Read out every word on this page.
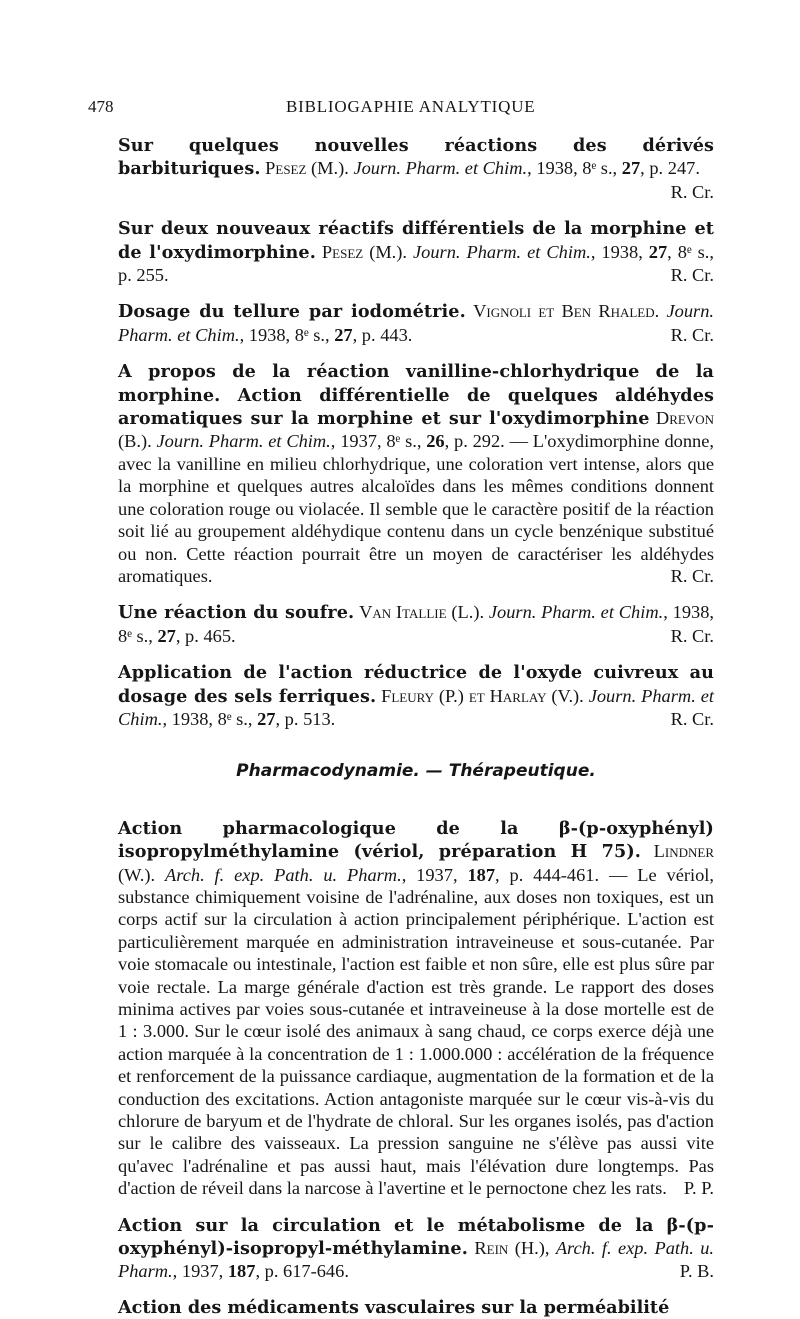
478	BIBLIOGAPHIE ANALYTIQUE

Sur quelques nouvelles réactions des dérivés barbituriques. Pesez (M.). Journ. Pharm. et Chim., 1938, 8ᵉ s., 27, p. 247.
R. Cr.

Sur deux nouveaux réactifs différentiels de la morphine et de l'oxydimorphine. Pesez (M.). Journ. Pharm. et Chim., 1938, 27, 8ᵉ s., p. 255.	R. Cr.

Dosage du tellure par iodométrie. Vignoli et Ben Rhaled. Journ. Pharm. et Chim., 1938, 8ᵉ s., 27, p. 443.	R. Cr.

A propos de la réaction vanilline-chlorhydrique de la morphine. Action différentielle de quelques aldéhydes aromatiques sur la morphine et sur l'oxydimorphine Drevon (B.). Journ. Pharm. et Chim., 1937, 8ᵉ s., 26, p. 292. — L'oxydimorphine donne, avec la vanilline en milieu chlorhydrique, une coloration vert intense, alors que la morphine et quelques autres alcaloïdes dans les mêmes conditions donnent une coloration rouge ou violacée. Il semble que le caractère positif de la réaction soit lié au groupement aldéhydique contenu dans un cycle benzénique substitué ou non. Cette réaction pourrait être un moyen de caractériser les aldéhydes aromatiques.	R. Cr.

Une réaction du soufre. Van Itallie (L.). Journ. Pharm. et Chim., 1938, 8ᵉ s., 27, p. 465.	R. Cr.

Application de l'action réductrice de l'oxyde cuivreux au dosage des sels ferriques. Fleury (P.) et Harlay (V.). Journ. Pharm. et Chim., 1938, 8ᵉ s., 27, p. 513.	R. Cr.

Pharmacodynamie. — Thérapeutique.

Action pharmacologique de la β-(p-oxyphényl) isopropylméthylamine (vériol, préparation H 75). Lindner (W.). Arch. f. exp. Path. u. Pharm., 1937, 187, p. 444-461. — Le vériol, substance chimiquement voisine de l'adrénaline, aux doses non toxiques, est un corps actif sur la circulation à action principalement périphérique. L'action est particulièrement marquée en administration intraveineuse et sous-cutanée. Par voie stomacale ou intestinale, l'action est faible et non sûre, elle est plus sûre par voie rectale. La marge générale d'action est très grande. Le rapport des doses minima actives par voies sous-cutanée et intraveineuse à la dose mortelle est de 1 : 3.000. Sur le cœur isolé des animaux à sang chaud, ce corps exerce déjà une action marquée à la concentration de 1 : 1.000.000 : accélération de la fréquence et renforcement de la puissance cardiaque, augmentation de la formation et de la conduction des excitations. Action antagoniste marquée sur le cœur vis-à-vis du chlorure de baryum et de l'hydrate de chloral. Sur les organes isolés, pas d'action sur le calibre des vaisseaux. La pression sanguine ne s'élève pas aussi vite qu'avec l'adrénaline et pas aussi haut, mais l'élévation dure longtemps. Pas d'action de réveil dans la narcose à l'avertine et le pernoctone chez les rats. P. P.

Action sur la circulation et le métabolisme de la β-(p-oxyphényl)-isopropyl-méthylamine. Rein (H.), Arch. f. exp. Path. u. Pharm., 1937, 187, p. 617-646.	P. B.

Action des médicaments vasculaires sur la perméabilité
